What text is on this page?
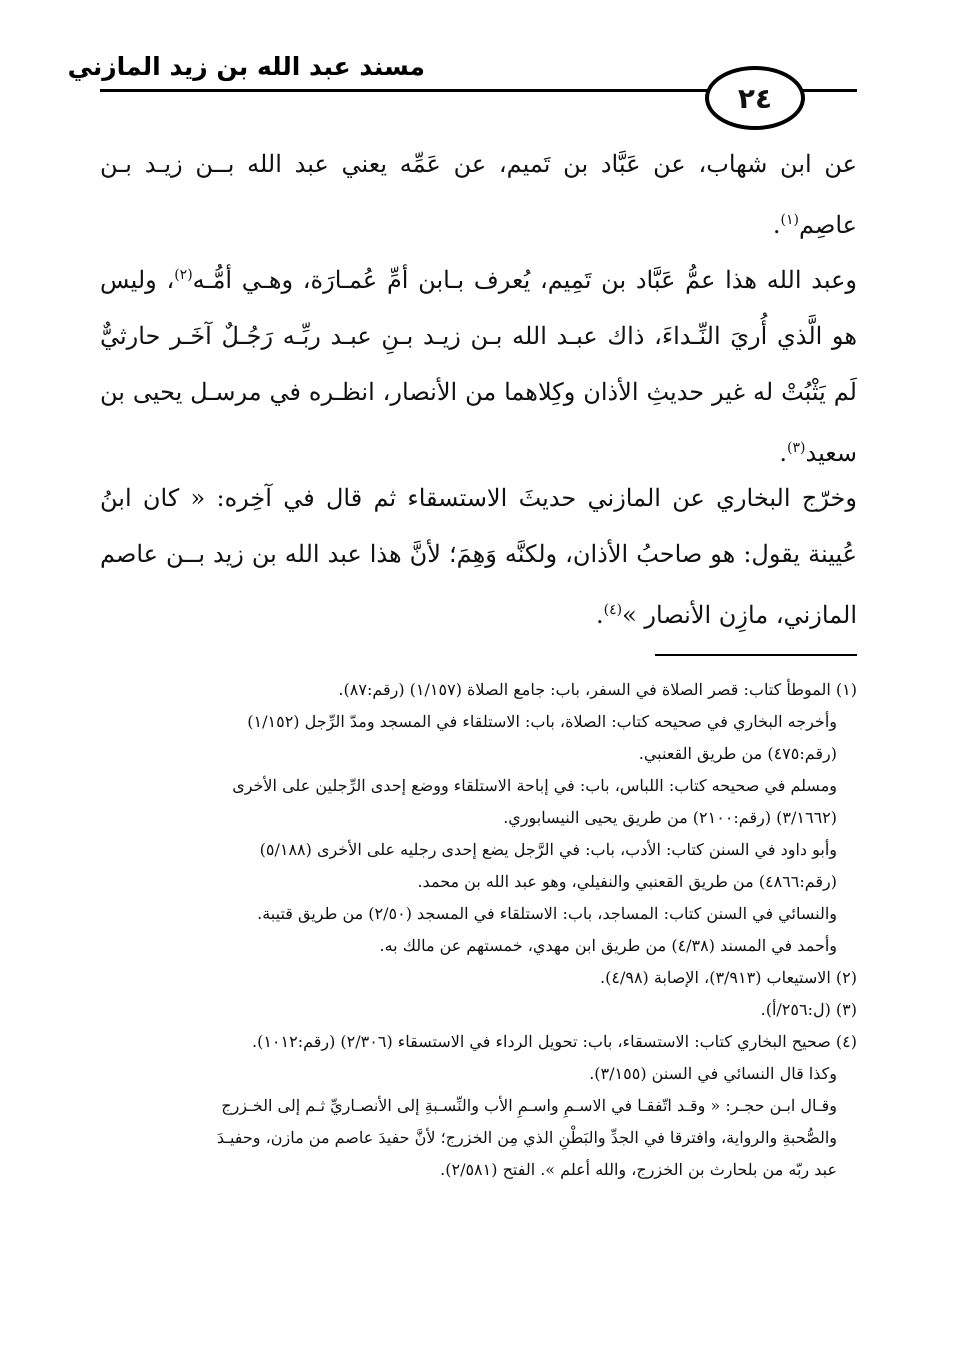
مسند عبد الله بن زيد المازني
٢٤

عن ابن شهاب، عن عَبَّاد بن تَميم، عن عَمِّه يعني عبد الله بــن زيـد بـن عاصِم$^{(١)}$.

وعبد الله هذا عمُّ عَبَّاد بن تَمِيم، يُعرف بـابن أمِّ عُمـارَة، وهـي أمُّـه$^{(٢)}$، وليس هو الَّذي أُريَ النِّـداءَ، ذاك عبـد الله بـن زيـد بـنِ عبـد ربِّـه رَجُـلٌ آخَـر حارثيٌّ لَم يَثْبُتْ له غير حديثِ الأذان وكِلاهما من الأنصار، انظـره في مرسـل يحيى بن سعيد$^{(٣)}$.

وخرّج البخاري عن المازني حديثَ الاستسقاء ثم قال في آخِره: « كان ابنُ عُيينة يقول: هو صاحبُ الأذان، ولكنَّه وَهِمَ؛ لأنَّ هذا عبد الله بن زيد بــن عاصم المازني، مازِن الأنصار »$^{(٤)}$.

(١) الموطأ كتاب: قصر الصلاة في السفر، باب: جامع الصلاة (١/١٥٧) (رقم:٨٧).

وأخرجه البخاري في صحيحه كتاب: الصلاة، باب: الاستلقاء في المسجد ومدّ الرِّجل (١/١٥٢)

(رقم:٤٧٥) من طريق القعنبي.

ومسلم في صحيحه كتاب: اللباس، باب: في إباحة الاستلقاء ووضع إحدى الرِّجلين على الأخرى

(٣/١٦٦٢) (رقم:٢١٠٠) من طريق يحيى النيسابوري.

وأبو داود في السنن كتاب: الأدب، باب: في الرَّجل يضع إحدى رجليه على الأخرى (٥/١٨٨)

(رقم:٤٨٦٦) من طريق القعنبي والنفيلي، وهو عبد الله بن محمد.

والنسائي في السنن كتاب: المساجد، باب: الاستلقاء في المسجد (٢/٥٠) من طريق قتيبة.

وأحمد في المسند (٤/٣٨) من طريق ابن مهدي، خمستهم عن مالك به.

(٢) الاستيعاب (٣/٩١٣)، الإصابة (٤/٩٨).

(٣) (ل:٢٥٦/أ).

(٤) صحيح البخاري كتاب: الاستسقاء، باب: تحويل الرداء في الاستسقاء (٢/٣٠٦) (رقم:١٠١٢).

وكذا قال النسائي في السنن (٣/١٥٥).

وقـال ابـن حجـر: « وقـد اتّفقـا في الاسـمِ واسـمِ الأب والنِّسـبةِ إلى الأنصـاريِّ ثـم إلى الخـزرج

والصُّحبةِ والرواية، وافترقا في الجدِّ والبَطْنِ الذي مِن الخزرج؛ لأنَّ حفيدَ عاصم من مازن، وحفيـدَ

عبد ربّه من بلحارث بن الخزرج، والله أعلم ». الفتح (٢/٥٨١).
